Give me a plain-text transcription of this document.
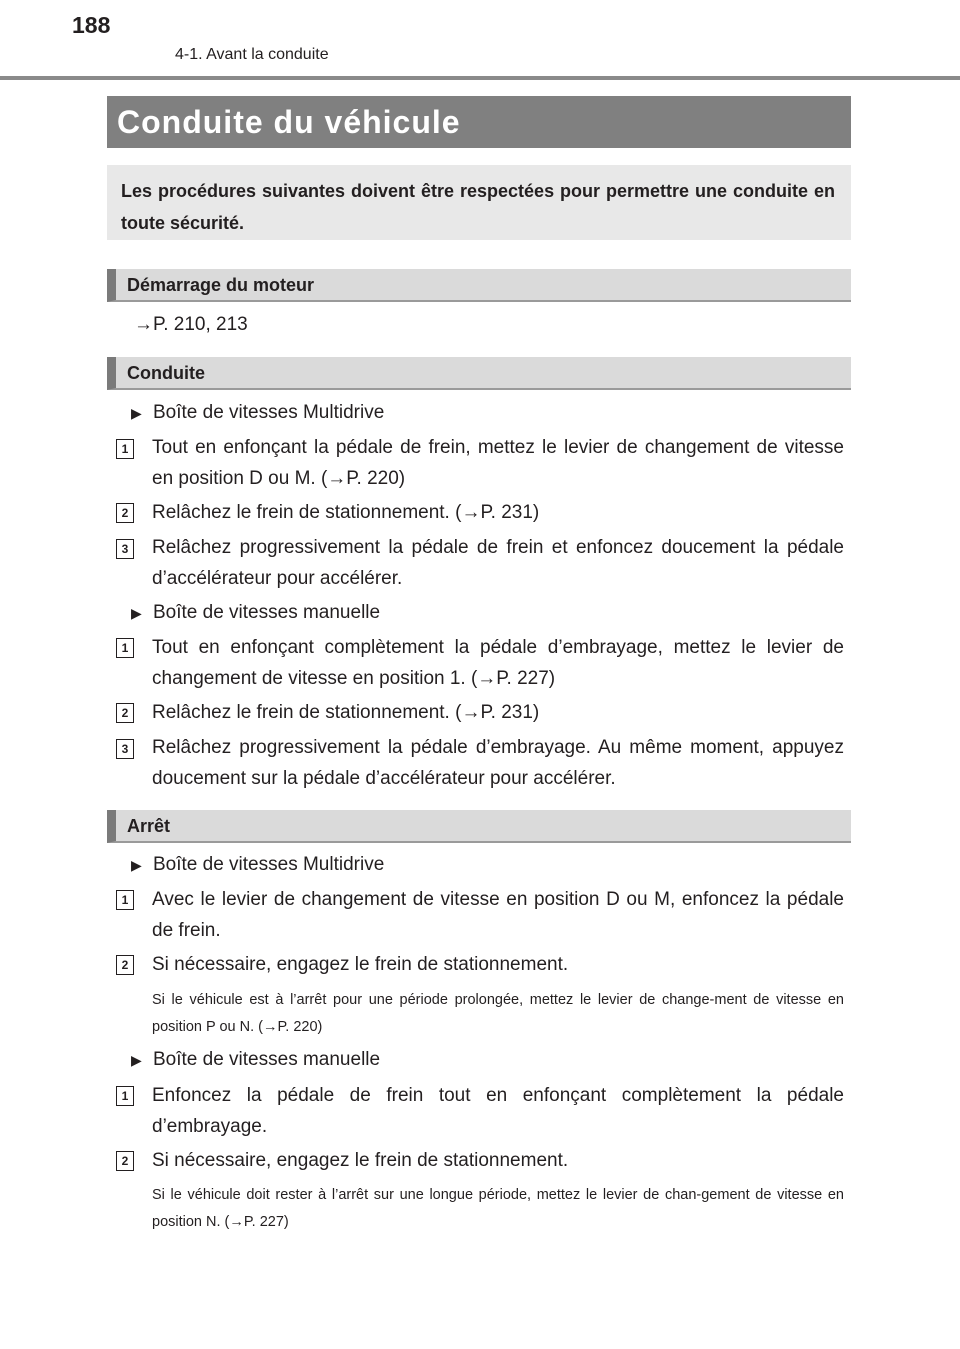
188
4-1. Avant la conduite
Conduite du véhicule
Les procédures suivantes doivent être respectées pour permettre une conduite en toute sécurité.
Démarrage du moteur
→P. 210, 213
Conduite
▶ Boîte de vitesses Multidrive
1 Tout en enfonçant la pédale de frein, mettez le levier de changement de vitesse en position D ou M. (→P. 220)
2 Relâchez le frein de stationnement. (→P. 231)
3 Relâchez progressivement la pédale de frein et enfoncez doucement la pédale d’accélérateur pour accélérer.
▶ Boîte de vitesses manuelle
1 Tout en enfonçant complètement la pédale d’embrayage, mettez le levier de changement de vitesse en position 1. (→P. 227)
2 Relâchez le frein de stationnement. (→P. 231)
3 Relâchez progressivement la pédale d’embrayage. Au même moment, appuyez doucement sur la pédale d’accélérateur pour accélérer.
Arrêt
▶ Boîte de vitesses Multidrive
1 Avec le levier de changement de vitesse en position D ou M, enfoncez la pédale de frein.
2 Si nécessaire, engagez le frein de stationnement.
Si le véhicule est à l’arrêt pour une période prolongée, mettez le levier de change-ment de vitesse en position P ou N. (→P. 220)
▶ Boîte de vitesses manuelle
1 Enfoncez la pédale de frein tout en enfonçant complètement la pédale d’embrayage.
2 Si nécessaire, engagez le frein de stationnement.
Si le véhicule doit rester à l’arrêt sur une longue période, mettez le levier de chan-gement de vitesse en position N. (→P. 227)
